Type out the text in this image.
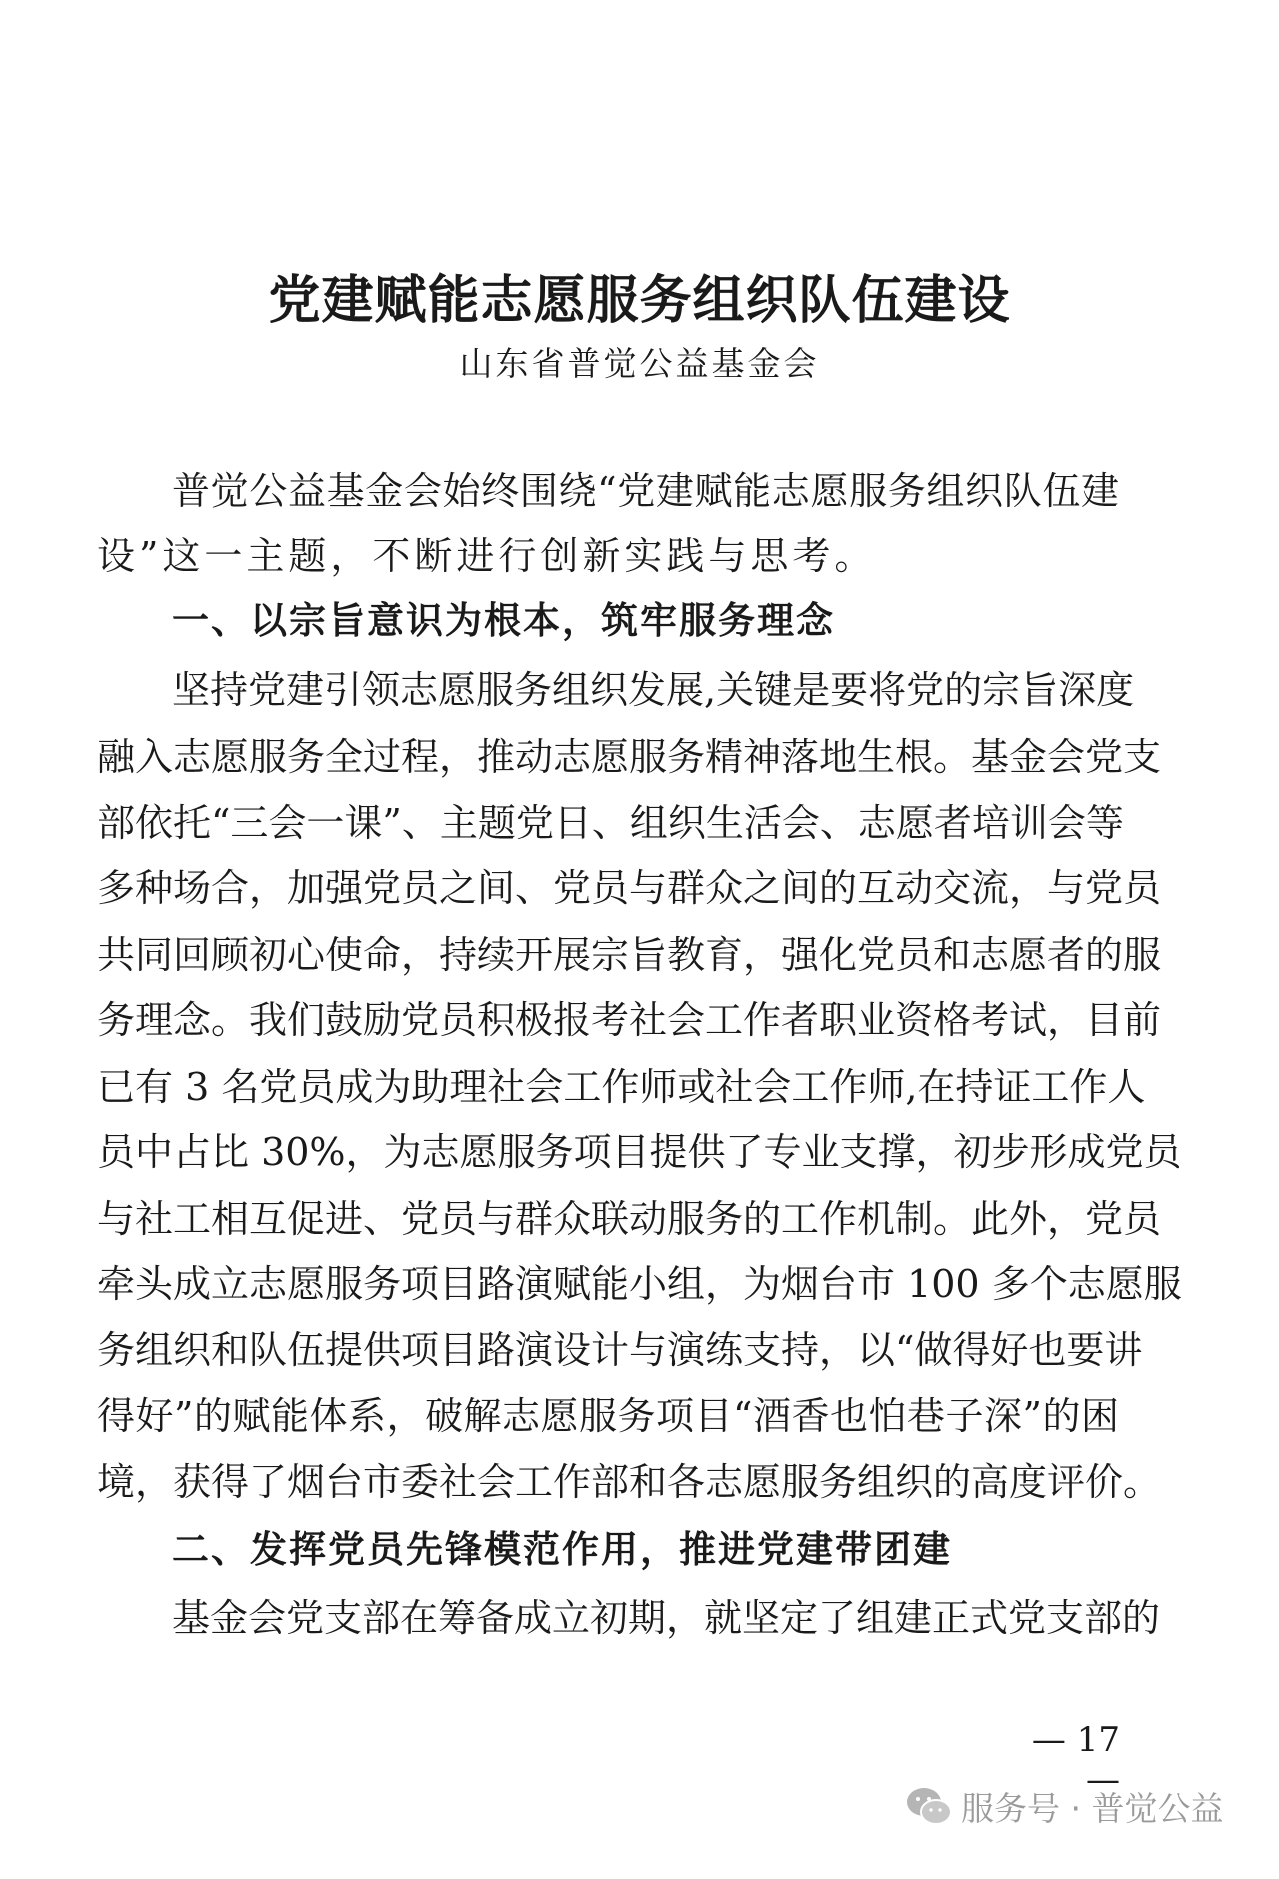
党建赋能志愿服务组织队伍建设
山东省普觉公益基金会
普觉公益基金会始终围绕“党建赋能志愿服务组织队伍建
设”这一主题，不断进行创新实践与思考。
一、以宗旨意识为根本，筑牢服务理念
坚持党建引领志愿服务组织发展,关键是要将党的宗旨深度
融入志愿服务全过程，推动志愿服务精神落地生根。基金会党支
部依托“三会一课”、主题党日、组织生活会、志愿者培训会等
多种场合，加强党员之间、党员与群众之间的互动交流，与党员
共同回顾初心使命，持续开展宗旨教育，强化党员和志愿者的服
务理念。我们鼓励党员积极报考社会工作者职业资格考试，目前
已有 3 名党员成为助理社会工作师或社会工作师,在持证工作人
员中占比 30%，为志愿服务项目提供了专业支撑，初步形成党员
与社工相互促进、党员与群众联动服务的工作机制。此外，党员
牵头成立志愿服务项目路演赋能小组，为烟台市 100 多个志愿服
务组织和队伍提供项目路演设计与演练支持，以“做得好也要讲
得好”的赋能体系，破解志愿服务项目“酒香也怕巷子深”的困
境，获得了烟台市委社会工作部和各志愿服务组织的高度评价。
二、发挥党员先锋模范作用，推进党建带团建
基金会党支部在筹备成立初期，就坚定了组建正式党支部的
— 17 —
服务号 · 普觉公益
